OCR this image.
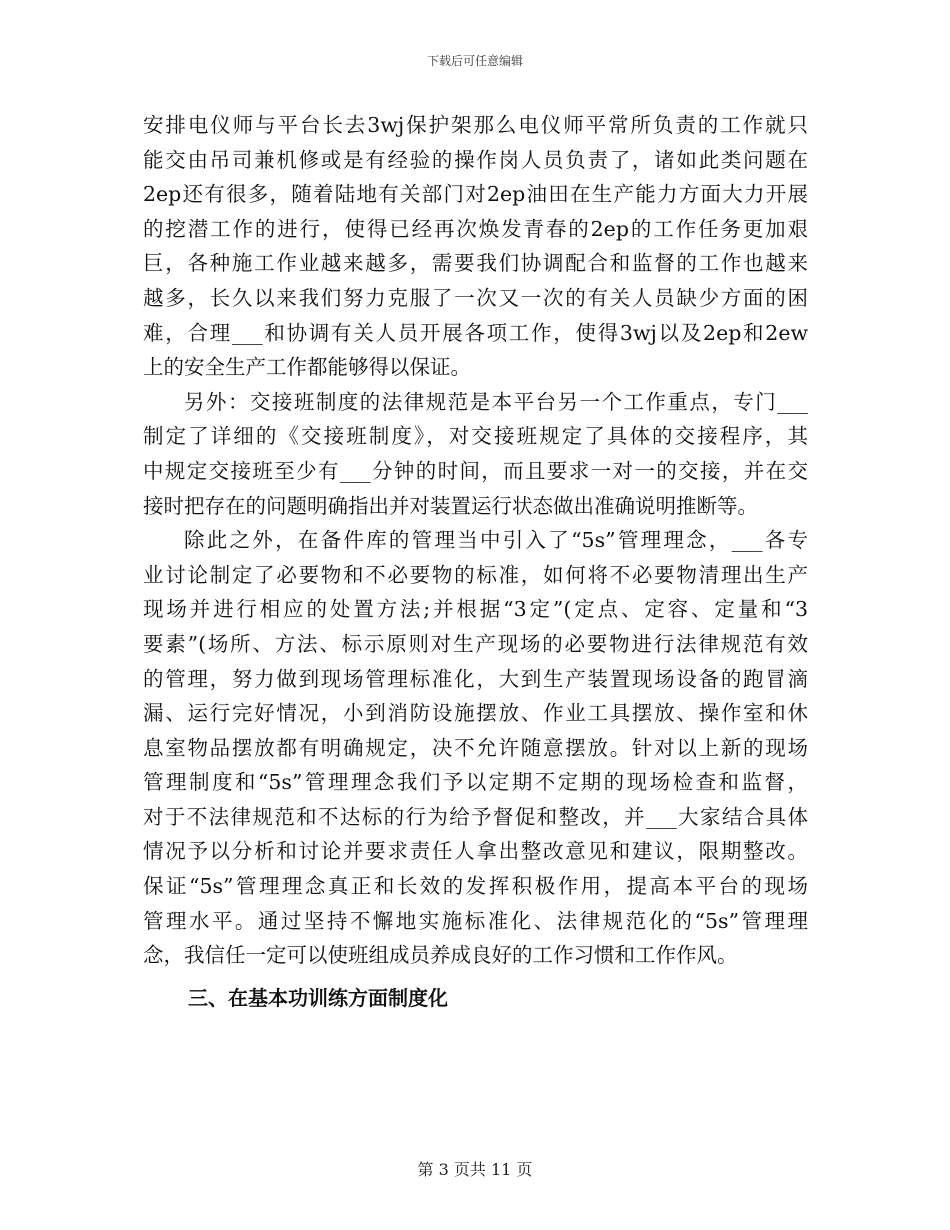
下载后可任意编辑
安排电仪师与平台长去3wj保护架那么电仪师平常所负责的工作就只
能交由吊司兼机修或是有经验的操作岗人员负责了，诸如此类问题在
2ep还有很多，随着陆地有关部门对2ep油田在生产能力方面大力开展
的挖潜工作的进行，使得已经再次焕发青春的2ep的工作任务更加艰
巨，各种施工作业越来越多，需要我们协调配合和监督的工作也越来
越多，长久以来我们努力克服了一次又一次的有关人员缺少方面的困
难，合理___和协调有关人员开展各项工作，使得3wj以及2ep和2ew
上的安全生产工作都能够得以保证。
另外：交接班制度的法律规范是本平台另一个工作重点，专门___
制定了详细的《交接班制度》，对交接班规定了具体的交接程序，其
中规定交接班至少有___分钟的时间，而且要求一对一的交接，并在交
接时把存在的问题明确指出并对装置运行状态做出准确说明推断等。
除此之外，在备件库的管理当中引入了“5s”管理理念，___各专
业讨论制定了必要物和不必要物的标准，如何将不必要物清理出生产
现场并进行相应的处置方法;并根据“3定”(定点、定容、定量和“3
要素”(场所、方法、标示原则对生产现场的必要物进行法律规范有效
的管理，努力做到现场管理标准化，大到生产装置现场设备的跑冒滴
漏、运行完好情况，小到消防设施摆放、作业工具摆放、操作室和休
息室物品摆放都有明确规定，决不允许随意摆放。针对以上新的现场
管理制度和“5s”管理理念我们予以定期不定期的现场检查和监督，
对于不法律规范和不达标的行为给予督促和整改，并___大家结合具体
情况予以分析和讨论并要求责任人拿出整改意见和建议，限期整改。
保证“5s”管理理念真正和长效的发挥积极作用，提高本平台的现场
管理水平。通过坚持不懈地实施标准化、法律规范化的“5s”管理理
念，我信任一定可以使班组成员养成良好的工作习惯和工作作风。
三、在基本功训练方面制度化
第 3 页共 11 页
